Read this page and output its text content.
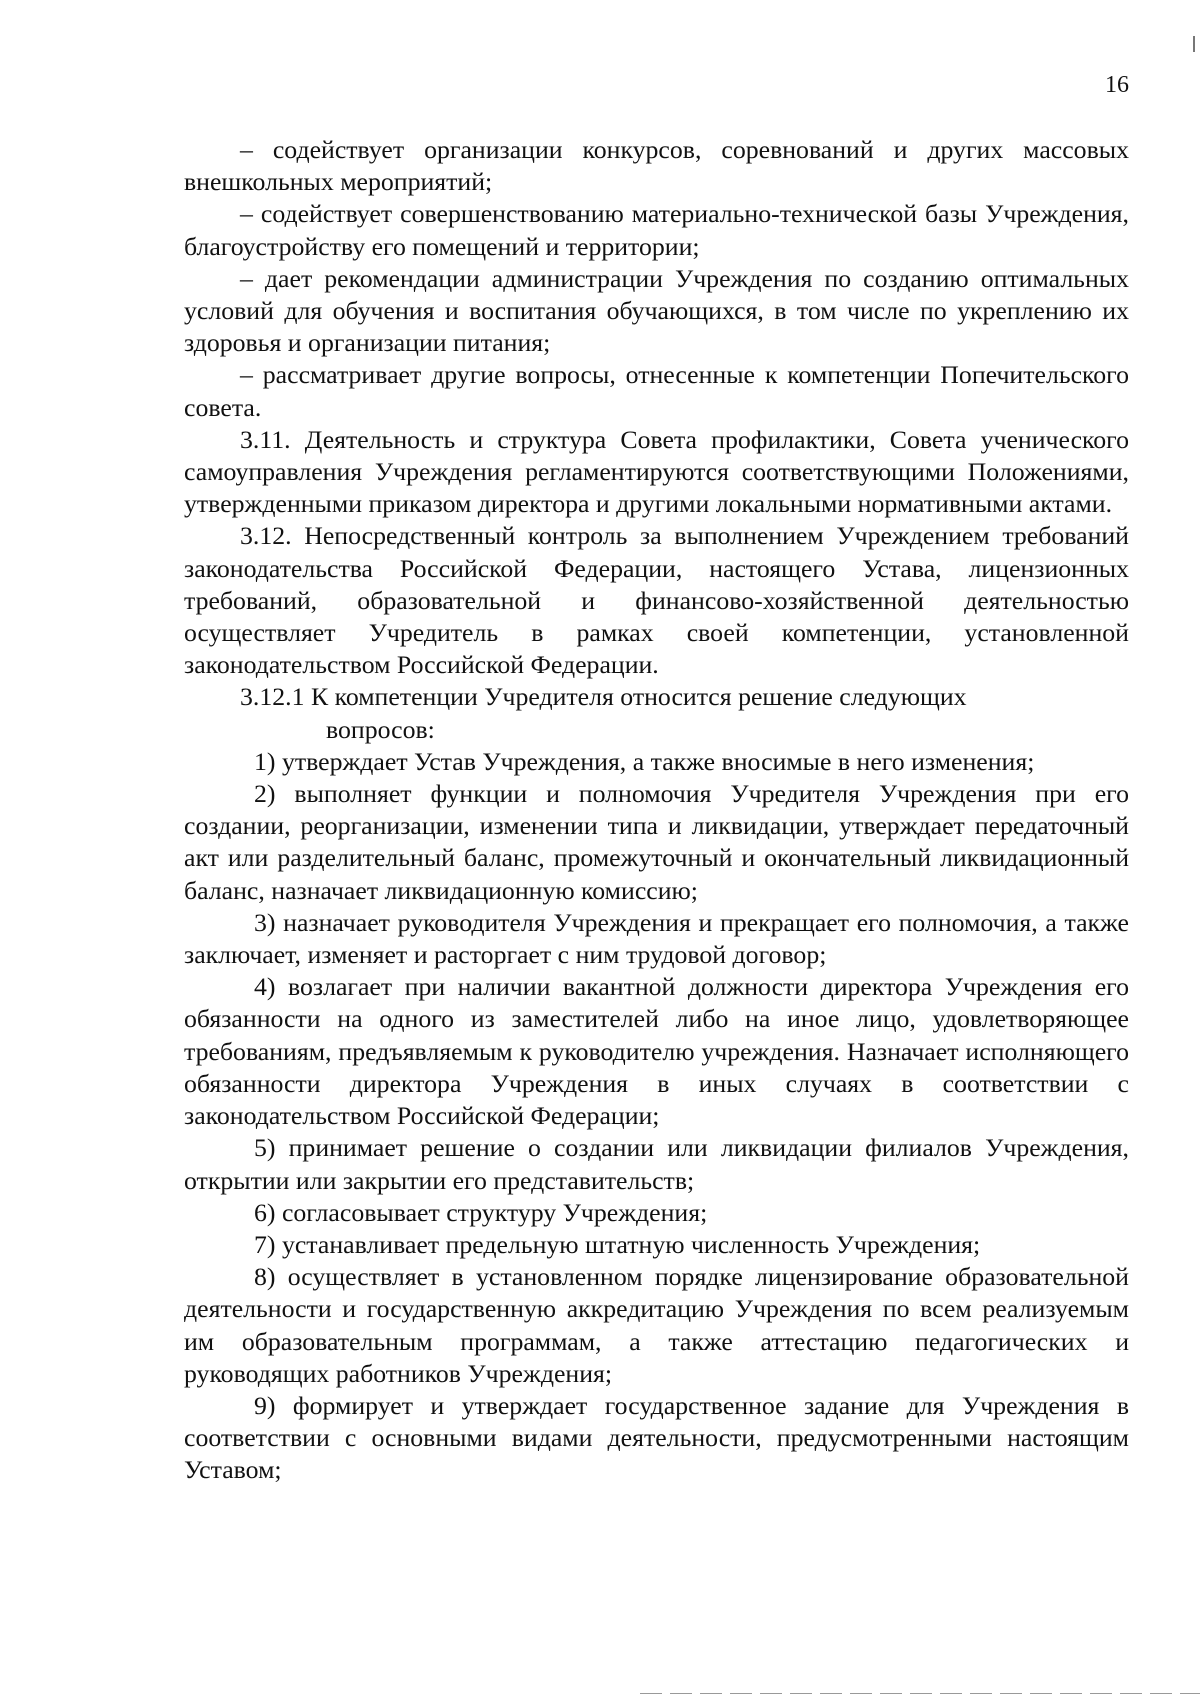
16

– содействует организации конкурсов, соревнований и других массовых внешкольных мероприятий;

– содействует совершенствованию материально-технической базы Учреждения, благоустройству его помещений и территории;

– дает рекомендации администрации Учреждения по созданию оптимальных условий для обучения и воспитания обучающихся, в том числе по укреплению их здоровья и организации питания;

– рассматривает другие вопросы, отнесенные к компетенции Попечительского совета.

3.11. Деятельность и структура Совета профилактики, Совета ученического самоуправления Учреждения регламентируются соответствующими Положениями, утвержденными приказом директора и другими локальными нормативными актами.

3.12. Непосредственный контроль за выполнением Учреждением требований законодательства Российской Федерации, настоящего Устава, лицензионных требований, образовательной и финансово-хозяйственной деятельностью осуществляет Учредитель в рамках своей компетенции, установленной законодательством Российской Федерации.

3.12.1 К компетенции Учредителя относится решение следующих

вопросов:

1) утверждает Устав Учреждения, а также вносимые в него изменения;

2) выполняет функции и полномочия Учредителя Учреждения при его создании, реорганизации, изменении типа и ликвидации, утверждает передаточный акт или разделительный баланс, промежуточный и окончательный ликвидационный баланс, назначает ликвидационную комиссию;

3) назначает руководителя Учреждения и прекращает его полномочия, а также заключает, изменяет и расторгает с ним трудовой договор;

4) возлагает при наличии вакантной должности директора Учреждения его обязанности на одного из заместителей либо на иное лицо, удовлетворяющее требованиям, предъявляемым к руководителю учреждения. Назначает исполняющего обязанности директора Учреждения в иных случаях в соответствии с законодательством Российской Федерации;

5) принимает решение о создании или ликвидации филиалов Учреждения, открытии или закрытии его представительств;

6) согласовывает структуру Учреждения;

7) устанавливает предельную штатную численность Учреждения;

8) осуществляет в установленном порядке лицензирование образовательной деятельности и государственную аккредитацию Учреждения по всем реализуемым им образовательным программам, а также аттестацию педагогических и руководящих работников Учреждения;

9) формирует и утверждает государственное задание для Учреждения в соответствии с основными видами деятельности, предусмотренными настоящим Уставом;
